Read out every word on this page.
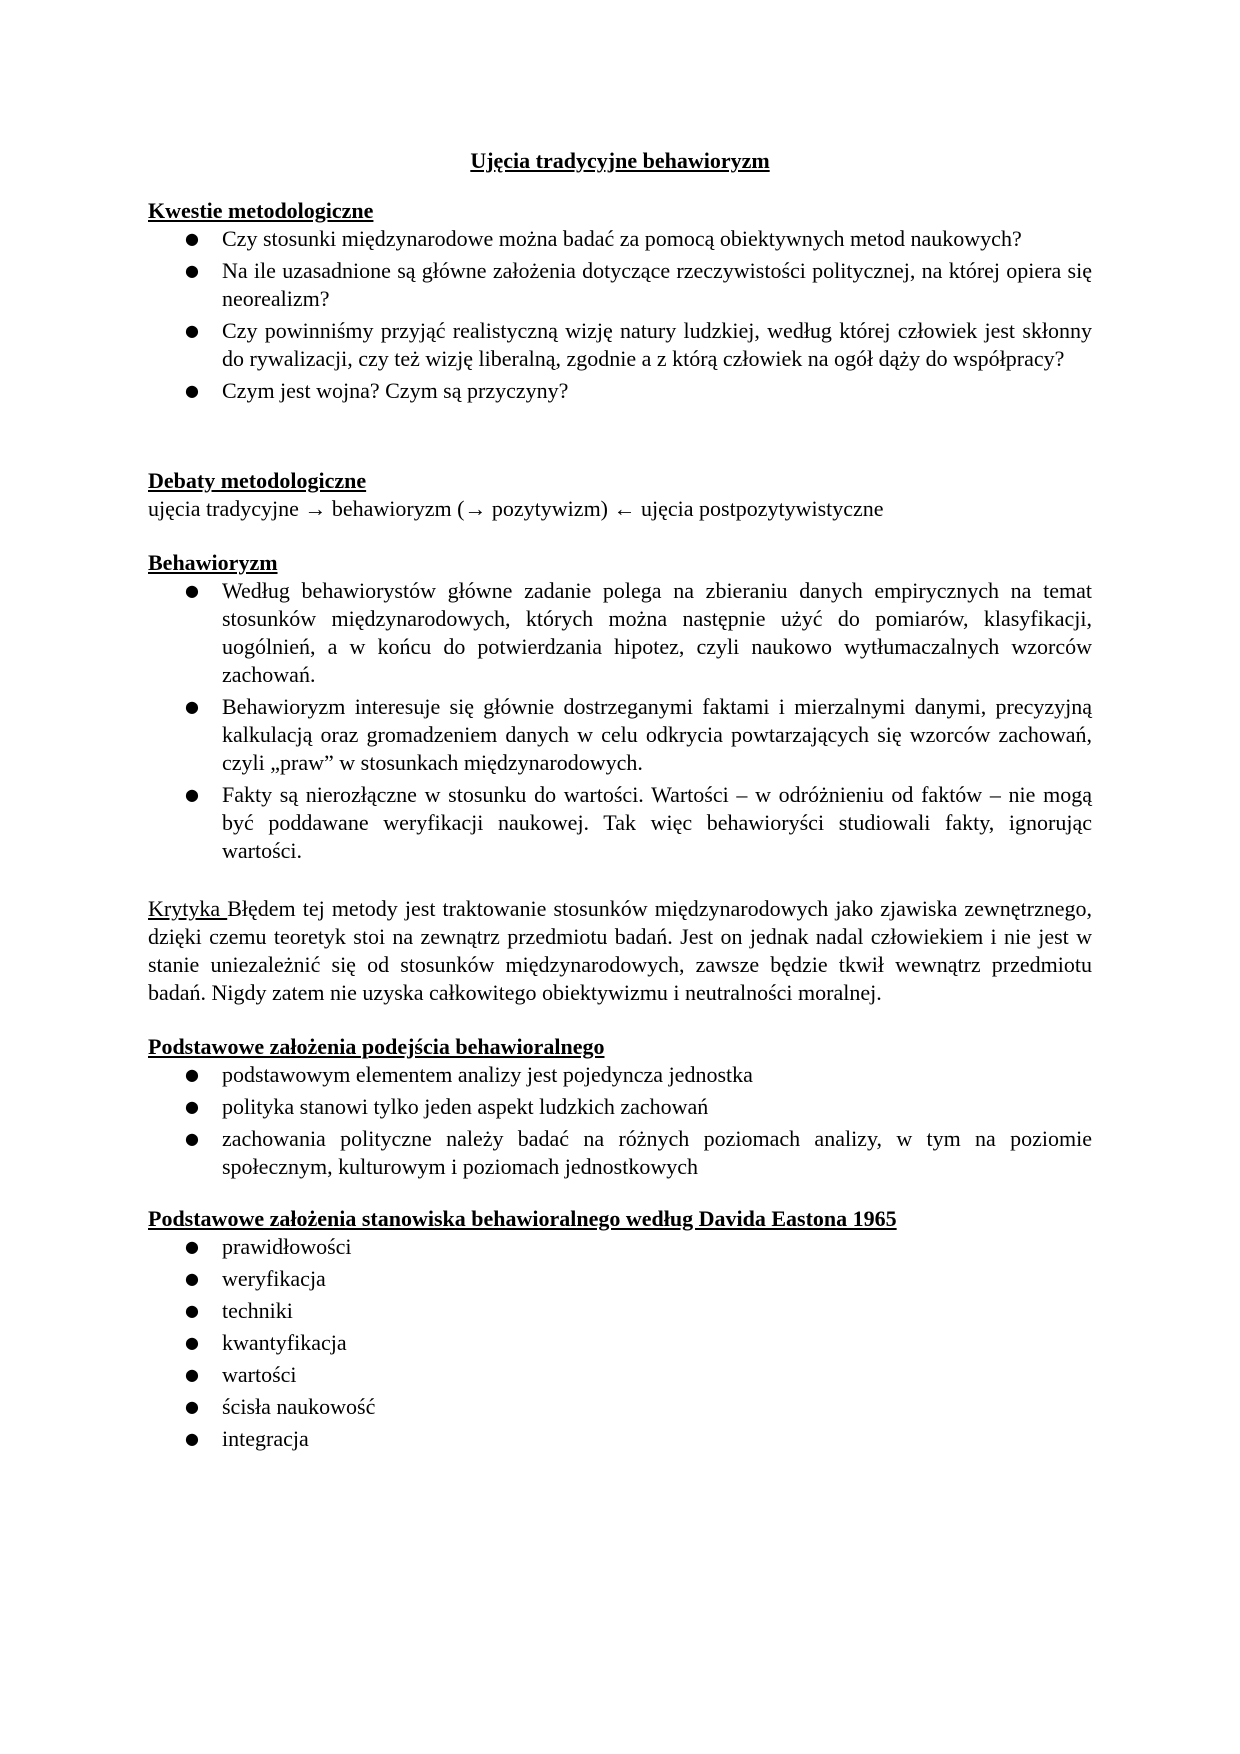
Ujęcia tradycyjne behawioryzm

Kwestie metodologiczne

● Czy stosunki międzynarodowe można badać za pomocą obiektywnych metod naukowych?
● Na ile uzasadnione są główne założenia dotyczące rzeczywistości politycznej, na której opiera się neorealizm?
● Czy powinniśmy przyjąć realistyczną wizję natury ludzkiej, według której człowiek jest skłonny do rywalizacji, czy też wizję liberalną, zgodnie a z którą człowiek na ogół dąży do współpracy?
● Czym jest wojna? Czym są przyczyny?

Debaty metodologiczne

ujęcia tradycyjne → behawioryzm (→ pozytywizm) ← ujęcia postpozytywistyczne

Behawioryzm

● Według behawiorystów główne zadanie polega na zbieraniu danych empirycznych na temat stosunków międzynarodowych, których można następnie użyć do pomiarów, klasyfikacji, uogólnień, a w końcu do potwierdzania hipotez, czyli naukowo wytłumaczalnych wzorców zachowań.
● Behawioryzm interesuje się głównie dostrzeganymi faktami i mierzalnymi danymi, precyzyjną kalkulacją oraz gromadzeniem danych w celu odkrycia powtarzających się wzorców zachowań, czyli „praw” w stosunkach międzynarodowych.
● Fakty są nierozłączne w stosunku do wartości. Wartości – w odróżnieniu od faktów – nie mogą być poddawane weryfikacji naukowej. Tak więc behawioryści studiowali fakty, ignorując wartości.

Krytyka Błędem tej metody jest traktowanie stosunków międzynarodowych jako zjawiska zewnętrznego, dzięki czemu teoretyk stoi na zewnątrz przedmiotu badań. Jest on jednak nadal człowiekiem i nie jest w stanie uniezależnić się od stosunków międzynarodowych, zawsze będzie tkwił wewnątrz przedmiotu badań. Nigdy zatem nie uzyska całkowitego obiektywizmu i neutralności moralnej.

Podstawowe założenia podejścia behawioralnego

● podstawowym elementem analizy jest pojedyncza jednostka
● polityka stanowi tylko jeden aspekt ludzkich zachowań
● zachowania polityczne należy badać na różnych poziomach analizy, w tym na poziomie społecznym, kulturowym i poziomach jednostkowych

Podstawowe założenia stanowiska behawioralnego według Davida Eastona 1965

● prawidłowości
● weryfikacja
● techniki
● kwantyfikacja
● wartości
● ścisła naukowość
● integracja
